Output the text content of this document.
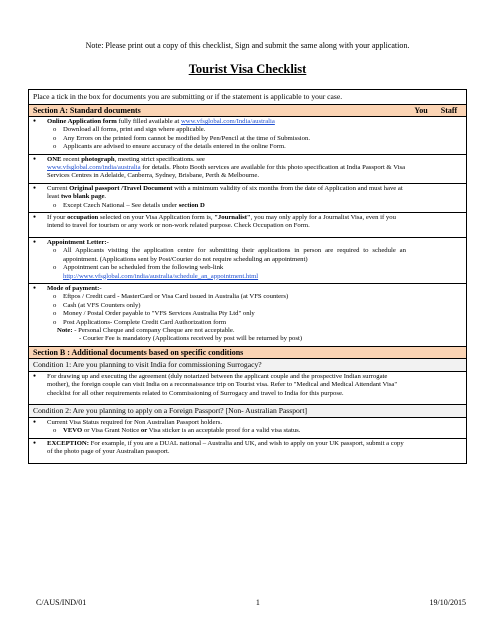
Note: Please print out a copy of this checklist, Sign and submit the same along with your application.
Tourist Visa Checklist
Place a tick in the box for documents you are submitting or if the statement is applicable to your case.
Section A: Standard documents	You	Staff
● Online Application form fully filled available at www.vfsglobal.com/India/australia
o Download all forms, print and sign where applicable.
o Any Errors on the printed form cannot be modified by Pen/Pencil at the time of Submission.
o Applicants are advised to ensure accuracy of the details entered in the online Form.
● ONE recent photograph, meeting strict specifications. see
www.vfsglobal.com/india/australia for details. Photo Booth services are available for this photo specification at India Passport & Visa Services Centres in Adelaide, Canberra, Sydney, Brisbane, Perth & Melbourne.
● Current Original passport /Travel Document with a minimum validity of six months from the date of Application and must have at least two blank page.
o Except Czech National – See details under section D
● If your occupation selected on your Visa Application form is, "Journalist", you may only apply for a Journalist Visa, even if you intend to travel for tourism or any work or non-work related purpose. Check Occupation on Form.
● Appointment Letter:-
o All Applicants visiting the application centre for submitting their applications in person are required to schedule an appointment. (Applications sent by Post/Courier do not require scheduling an appointment)
o Appointment can be scheduled from the following web-link
http://www.vfsglobal.com/india/australia/schedule_an_appointment.html
● Mode of payment:-
o Eftpos / Credit card - MasterCard or Visa Card issued in Australia (at VFS counters)
o Cash (at VFS Counters only)
o Money / Postal Order payable to "VFS Services Australia Pty Ltd" only
o Post Applications- Complete Credit Card Authorization form
Note: - Personal Cheque and company Cheque are not acceptable.
- Courier Fee is mandatory (Applications received by post will be returned by post)
Section B : Additional documents based on specific conditions
Condition 1: Are you planning to visit India for commissioning Surrogacy?
● For drawing up and executing the agreement (duly notarized between the applicant couple and the prospective Indian surrogate mother), the foreign couple can visit India on a reconnaissance trip on Tourist visa. Refer to "Medical and Medical Attendant Visa" checklist for all other requirements related to Commissioning of Surrogacy and travel to India for this purpose.
Condition 2: Are you planning to apply on a Foreign Passport? [Non- Australian Passport]
● Current Visa Status required for Non Australian Passport holders.
o VEVO or Visa Grant Notice or Visa sticker is an acceptable proof for a valid visa status.
● EXCEPTION: For example, if you are a DUAL national – Australia and UK, and wish to apply on your UK passport, submit a copy of the photo page of your Australian passport.
C/AUS/IND/01	1	19/10/2015
